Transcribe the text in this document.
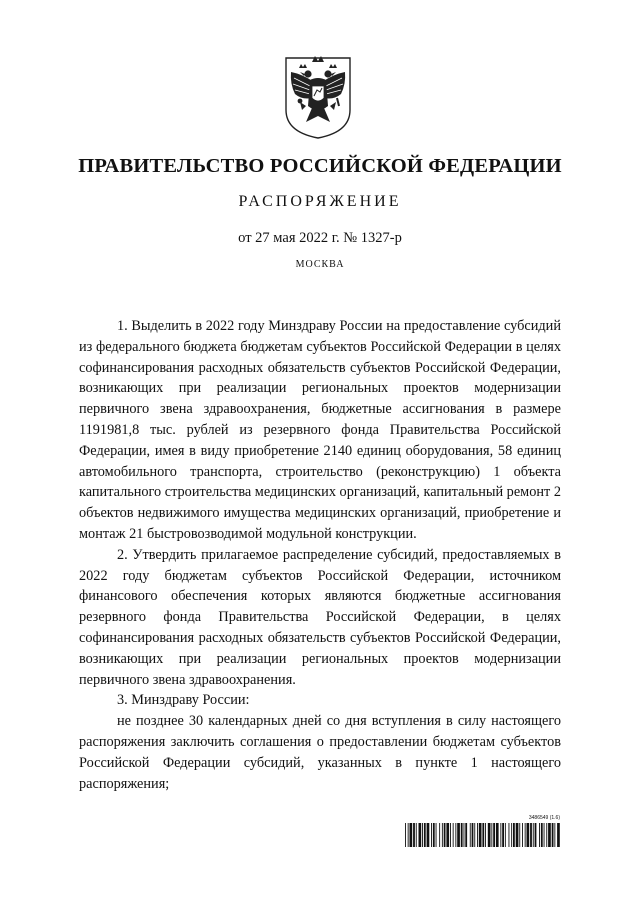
ПРАВИТЕЛЬСТВО РОССИЙСКОЙ ФЕДЕРАЦИИ
РАСПОРЯЖЕНИЕ
от 27 мая 2022 г. № 1327-р
МОСКВА

1. Выделить в 2022 году Минздраву России на предоставление субсидий из федерального бюджета бюджетам субъектов Российской Федерации в целях софинансирования расходных обязательств субъектов Российской Федерации, возникающих при реализации региональных проектов модернизации первичного звена здравоохранения, бюджетные ассигнования в размере 1191981,8 тыс. рублей из резервного фонда Правительства Российской Федерации, имея в виду приобретение 2140 единиц оборудования, 58 единиц автомобильного транспорта, строительство (реконструкцию) 1 объекта капитального строительства медицинских организаций, капитальный ремонт 2 объектов недвижимого имущества медицинских организаций, приобретение и монтаж 21 быстровозводимой модульной конструкции.

2. Утвердить прилагаемое распределение субсидий, предоставляемых в 2022 году бюджетам субъектов Российской Федерации, источником финансового обеспечения которых являются бюджетные ассигнования резервного фонда Правительства Российской Федерации, в целях софинансирования расходных обязательств субъектов Российской Федерации, возникающих при реализации региональных проектов модернизации первичного звена здравоохранения.

3. Минздраву России:

не позднее 30 календарных дней со дня вступления в силу настоящего распоряжения заключить соглашения о предоставлении бюджетам субъектов Российской Федерации субсидий, указанных в пункте 1 настоящего распоряжения;

3486549 (1.6)
